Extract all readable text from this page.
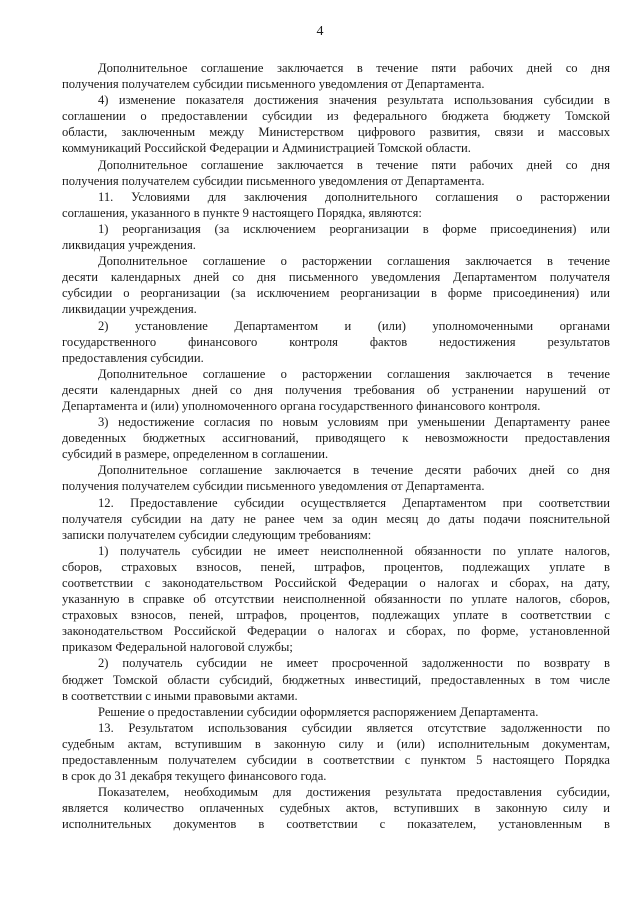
4
Дополнительное соглашение заключается в течение пяти рабочих дней со дня
получения получателем субсидии письменного уведомления от Департамента.
4) изменение показателя достижения значения результата использования субсидии в
соглашении о предоставлении субсидии из федерального бюджета бюджету Томской
области, заключенным между Министерством цифрового развития, связи и массовых
коммуникаций Российской Федерации и Администрацией Томской области.
Дополнительное соглашение заключается в течение пяти рабочих дней со дня
получения получателем субсидии письменного уведомления от Департамента.
11. Условиями для заключения дополнительного соглашения о расторжении
соглашения, указанного в пункте 9 настоящего Порядка, являются:
1) реорганизация (за исключением реорганизации в форме присоединения) или
ликвидация учреждения.
Дополнительное соглашение о расторжении соглашения заключается в течение
десяти календарных дней со дня письменного уведомления Департаментом получателя
субсидии о реорганизации (за исключением реорганизации в форме присоединения) или
ликвидации учреждения.
2) установление Департаментом и (или) уполномоченными органами
государственного финансового контроля фактов недостижения результатов
предоставления субсидии.
Дополнительное соглашение о расторжении соглашения заключается в течение
десяти календарных дней со дня получения требования об устранении нарушений от
Департамента и (или) уполномоченного органа государственного финансового контроля.
3) недостижение согласия по новым условиям при уменьшении Департаменту ранее
доведенных бюджетных ассигнований, приводящего к невозможности предоставления
субсидий в размере, определенном в соглашении.
Дополнительное соглашение заключается в течение десяти рабочих дней со дня
получения получателем субсидии письменного уведомления от Департамента.
12. Предоставление субсидии осуществляется Департаментом при соответствии
получателя субсидии на дату не ранее чем за один месяц до даты подачи пояснительной
записки получателем субсидии следующим требованиям:
1) получатель субсидии не имеет неисполненной обязанности по уплате налогов,
сборов, страховых взносов, пеней, штрафов, процентов, подлежащих уплате в
соответствии с законодательством Российской Федерации о налогах и сборах, на дату,
указанную в справке об отсутствии неисполненной обязанности по уплате налогов, сборов,
страховых взносов, пеней, штрафов, процентов, подлежащих уплате в соответствии с
законодательством Российской Федерации о налогах и сборах, по форме, установленной
приказом Федеральной налоговой службы;
2) получатель субсидии не имеет просроченной задолженности по возврату в
бюджет Томской области субсидий, бюджетных инвестиций, предоставленных в том числе
в соответствии с иными правовыми актами.
Решение о предоставлении субсидии оформляется распоряжением Департамента.
13. Результатом использования субсидии является отсутствие задолженности по
судебным актам, вступившим в законную силу и (или) исполнительным документам,
предоставленным получателем субсидии в соответствии с пунктом 5 настоящего Порядка
в срок до 31 декабря текущего финансового года.
Показателем, необходимым для достижения результата предоставления субсидии,
является количество оплаченных судебных актов, вступивших в законную силу и
исполнительных документов в соответствии с показателем, установленным в
